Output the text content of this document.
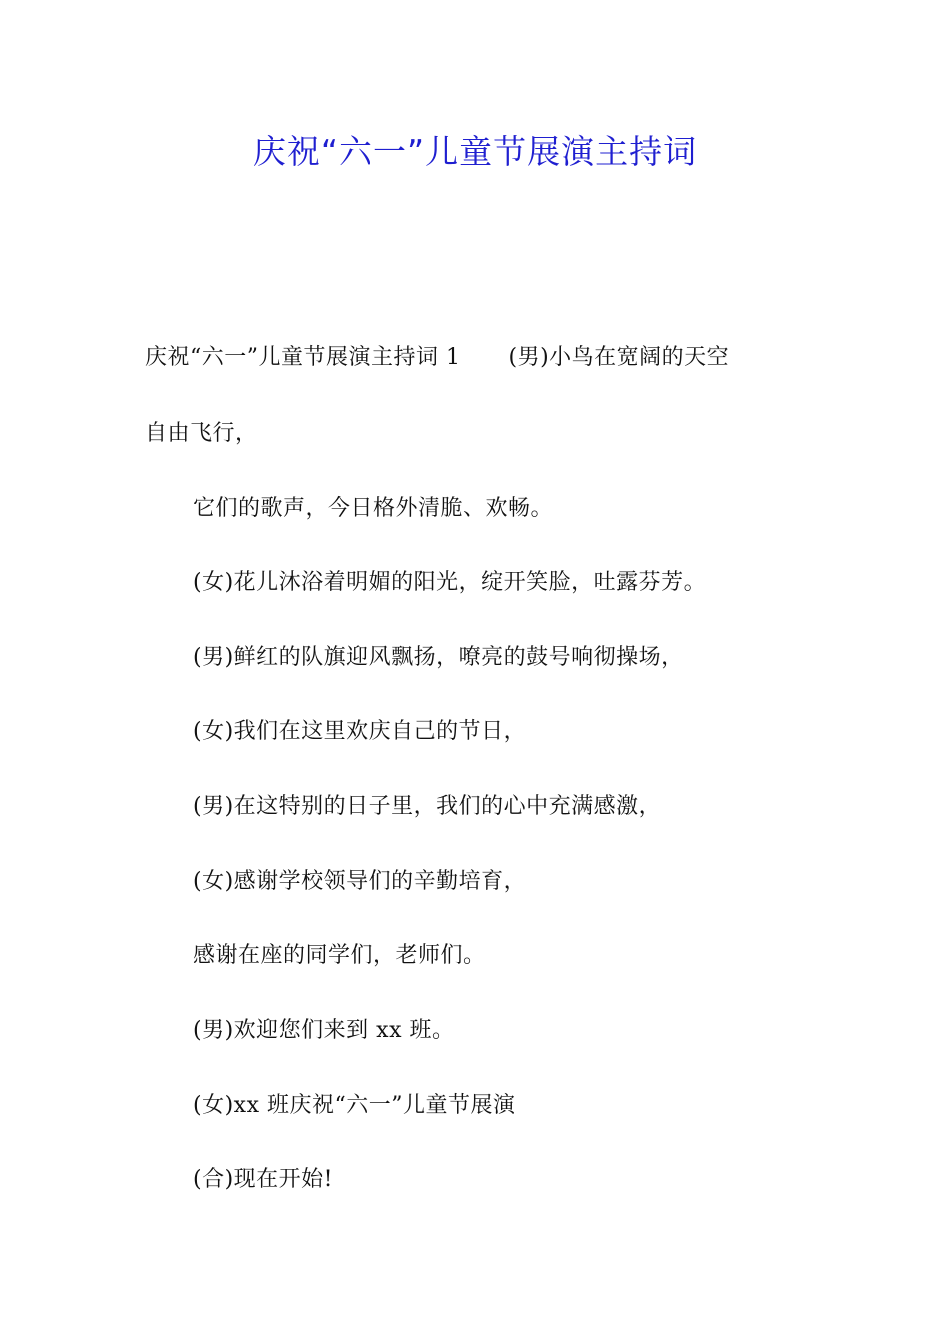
庆祝“六一”儿童节展演主持词
庆祝“六一”儿童节展演主持词 1 (男)小鸟在宽阔的天空
自由飞行，
它们的歌声，今日格外清脆、欢畅。
(女)花儿沐浴着明媚的阳光，绽开笑脸，吐露芬芳。
(男)鲜红的队旗迎风飘扬，嘹亮的鼓号响彻操场，
(女)我们在这里欢庆自己的节日，
(男)在这特别的日子里，我们的心中充满感激，
(女)感谢学校领导们的辛勤培育，
感谢在座的同学们，老师们。
(男)欢迎您们来到 xx 班。
(女)xx 班庆祝“六一”儿童节展演
(合)现在开始!
